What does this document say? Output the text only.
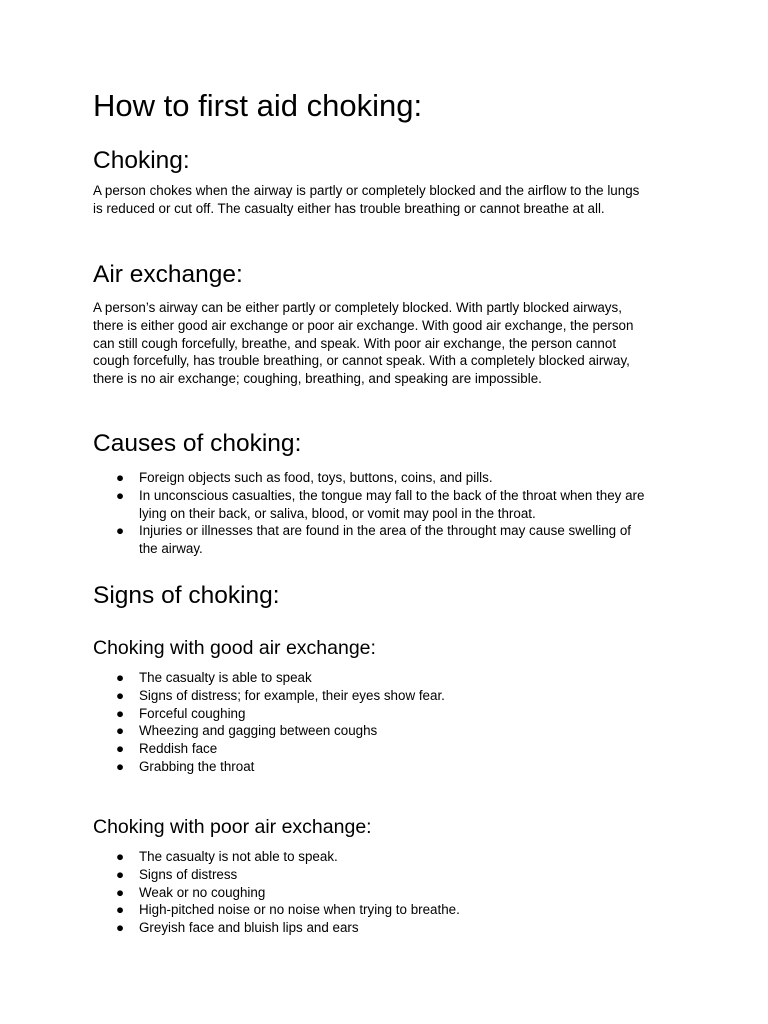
How to first aid choking:
Choking:

A person chokes when the airway is partly or completely blocked and the airflow to the lungs
is reduced or cut off. The casualty either has trouble breathing or cannot breathe at all.

Air exchange:

A person’s airway can be either partly or completely blocked. With partly blocked airways,
there is either good air exchange or poor air exchange. With good air exchange, the person
can still cough forcefully, breathe, and speak. With poor air exchange, the person cannot
cough forcefully, has trouble breathing, or cannot speak. With a completely blocked airway,
there is no air exchange; coughing, breathing, and speaking are impossible.

Causes of choking:
● Foreign objects such as food, toys, buttons, coins, and pills.
● In unconscious casualties, the tongue may fall to the back of the throat when they are
lying on their back, or saliva, blood, or vomit may pool in the throat.
● Injuries or illnesses that are found in the area of the throught may cause swelling of
the airway.
Signs of choking:
Choking with good air exchange:
● The casualty is able to speak
● Signs of distress; for example, their eyes show fear.
● Forceful coughing
● Wheezing and gagging between coughs
● Reddish face
● Grabbing the throat
Choking with poor air exchange:
● The casualty is not able to speak.
● Signs of distress
● Weak or no coughing
● High-pitched noise or no noise when trying to breathe.
● Greyish face and bluish lips and ears
